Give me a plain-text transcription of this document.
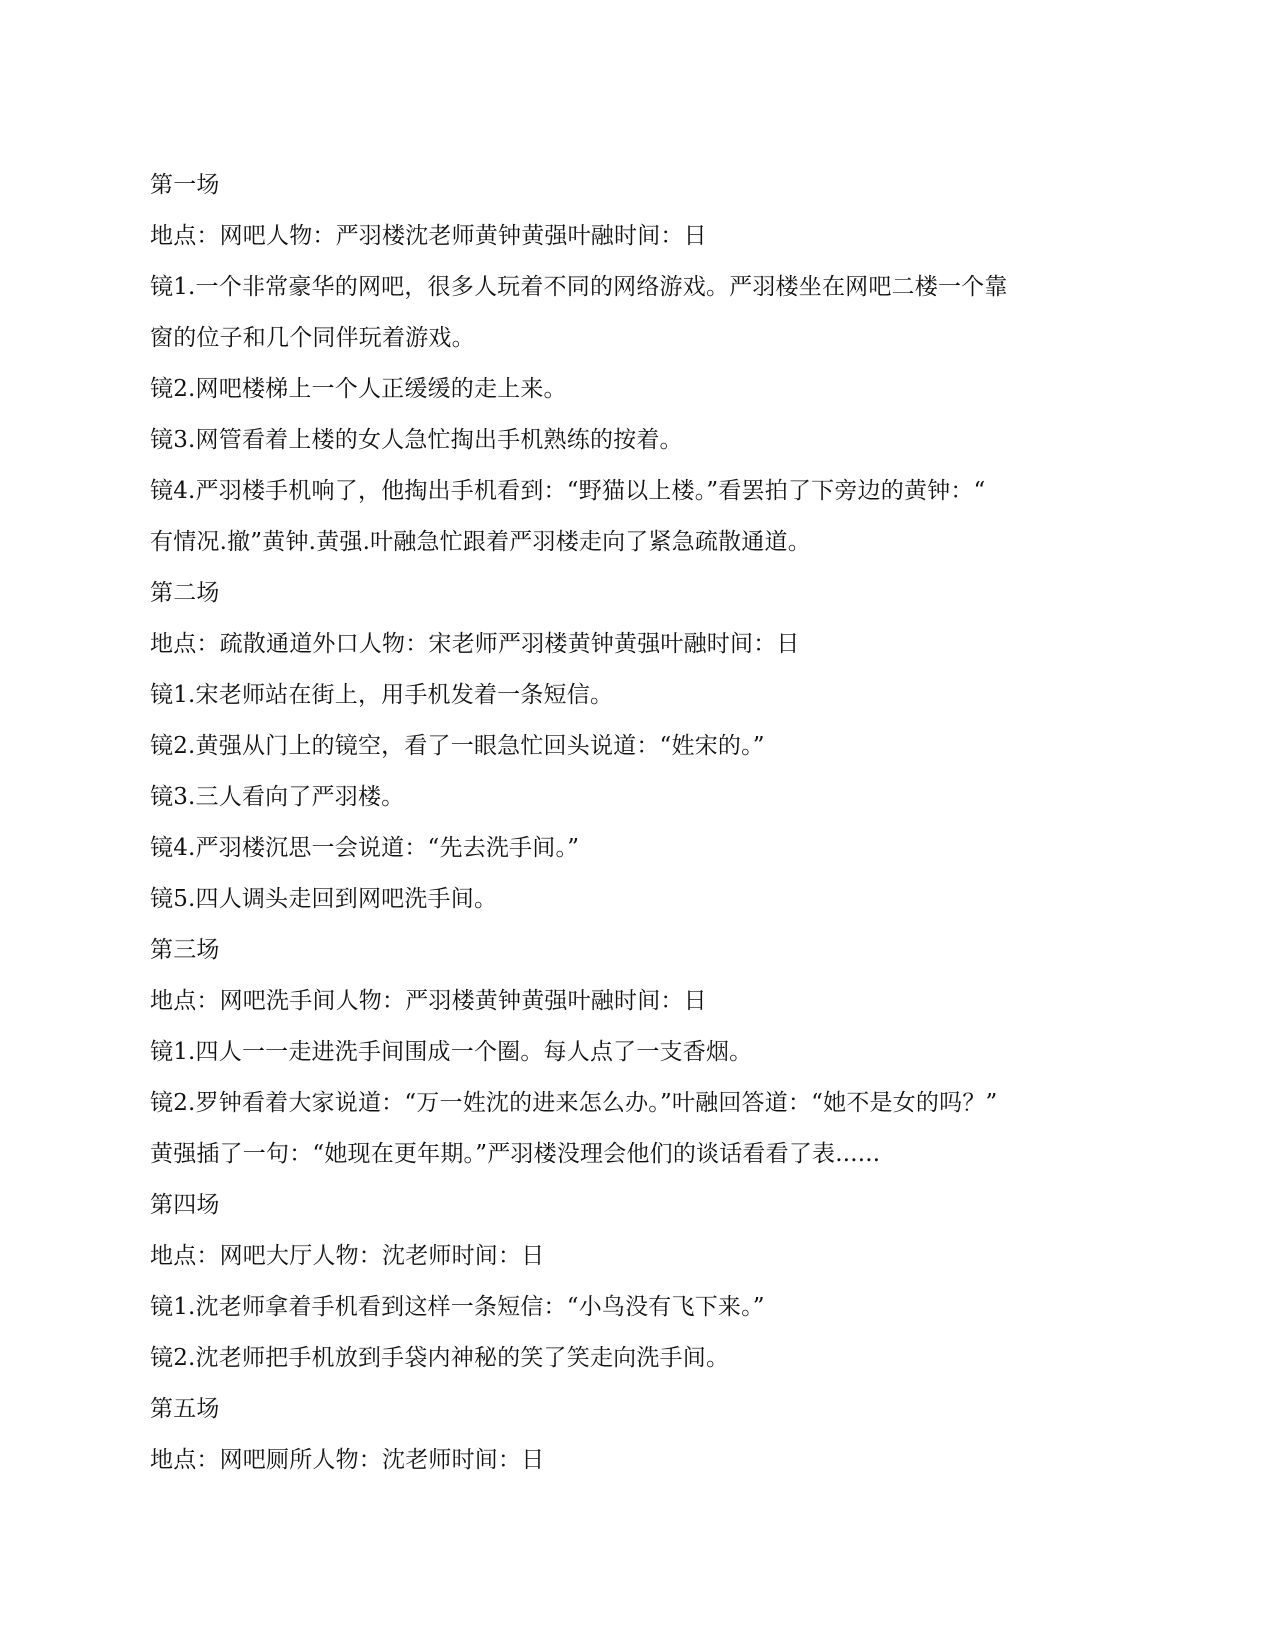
第一场
地点：网吧人物：严羽楼沈老师黄钟黄强叶融时间：日
镜1.一个非常豪华的网吧，很多人玩着不同的网络游戏。严羽楼坐在网吧二楼一个靠
窗的位子和几个同伴玩着游戏。
镜2.网吧楼梯上一个人正缓缓的走上来。
镜3.网管看着上楼的女人急忙掏出手机熟练的按着。
镜4.严羽楼手机响了，他掏出手机看到：“野猫以上楼。”看罢拍了下旁边的黄钟：“
有情况.撤”黄钟.黄强.叶融急忙跟着严羽楼走向了紧急疏散通道。
第二场
地点：疏散通道外口人物：宋老师严羽楼黄钟黄强叶融时间：日
镜1.宋老师站在街上，用手机发着一条短信。
镜2.黄强从门上的镜空，看了一眼急忙回头说道：“姓宋的。”
镜3.三人看向了严羽楼。
镜4.严羽楼沉思一会说道：“先去洗手间。”
镜5.四人调头走回到网吧洗手间。
第三场
地点：网吧洗手间人物：严羽楼黄钟黄强叶融时间：日
镜1.四人一一走进洗手间围成一个圈。每人点了一支香烟。
镜2.罗钟看着大家说道：“万一姓沈的进来怎么办。”叶融回答道：“她不是女的吗？”
黄强插了一句：“她现在更年期。”严羽楼没理会他们的谈话看看了表......
第四场
地点：网吧大厅人物：沈老师时间：日
镜1.沈老师拿着手机看到这样一条短信：“小鸟没有飞下来。”
镜2.沈老师把手机放到手袋内神秘的笑了笑走向洗手间。
第五场
地点：网吧厕所人物：沈老师时间：日
